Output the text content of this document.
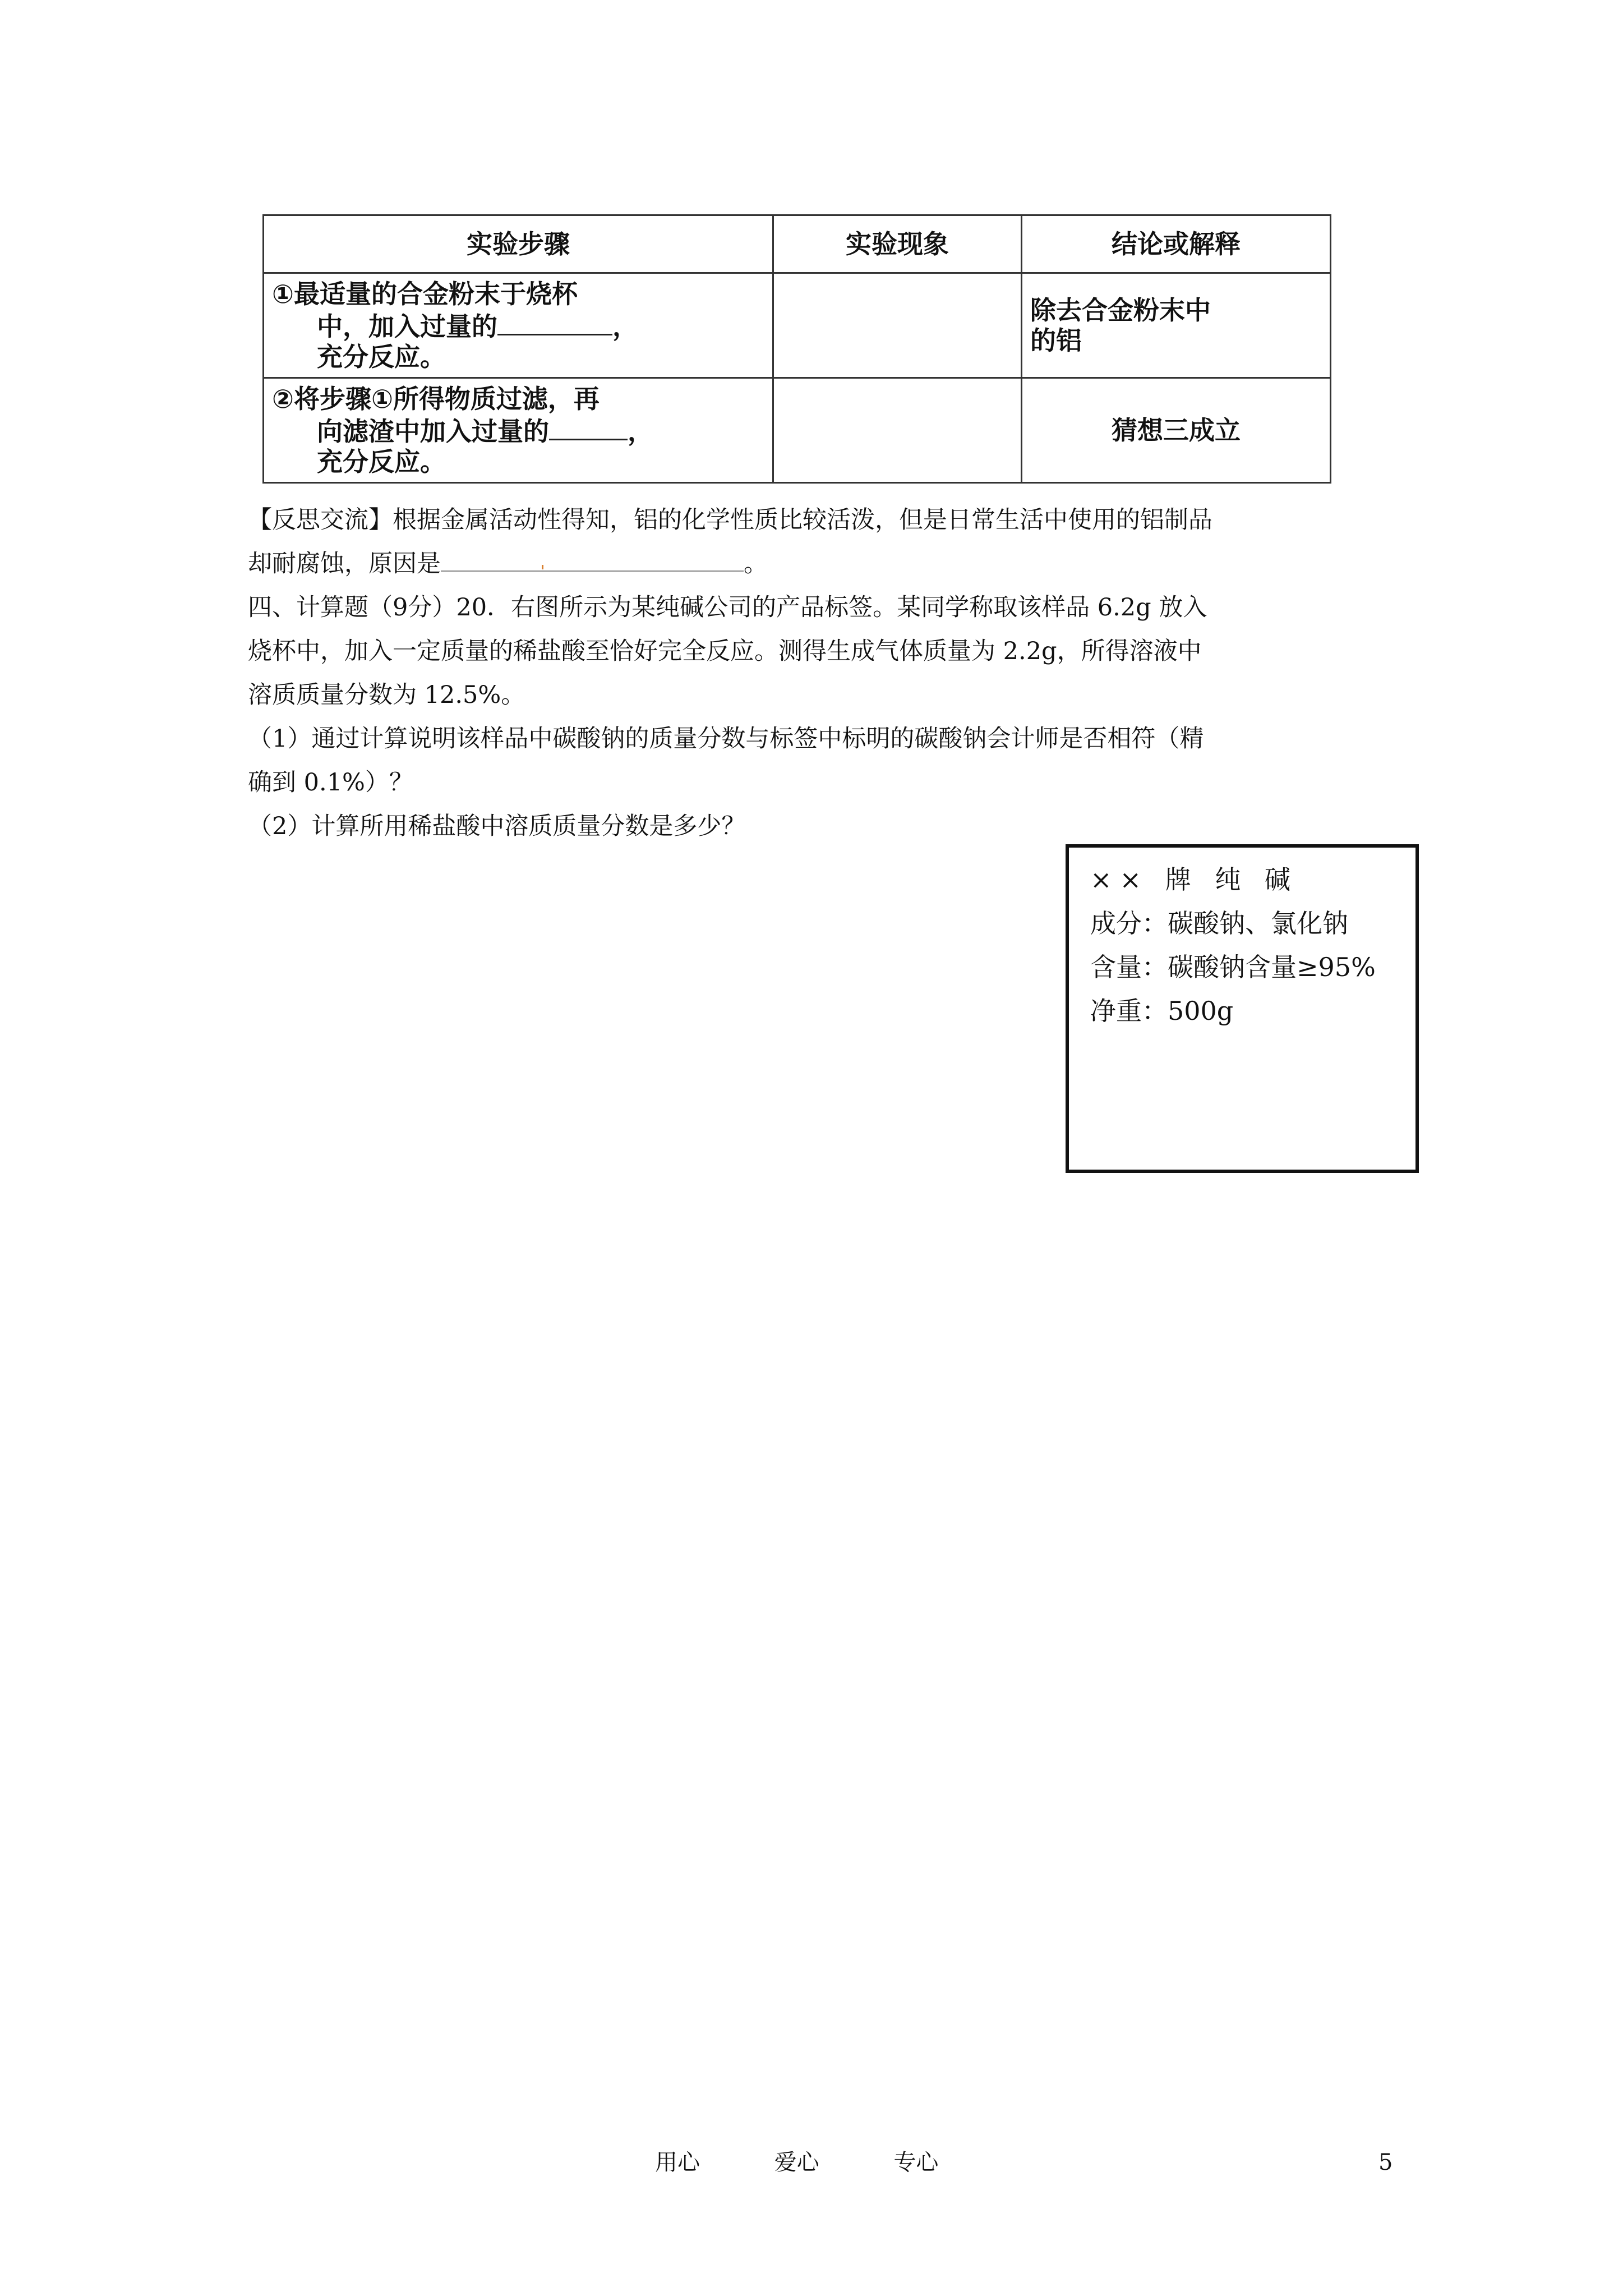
实验步骤	实验现象	结论或解释

①最适量的合金粉末于烧杯
中，加入过量的 ，
充分反应。		除去合金粉末中
的铝

②将步骤①所得物质过滤，再
向滤渣中加入过量的 ，
充分反应。		猜想三成立
【反思交流】根据金属活动性得知，铝的化学性质比较活泼，但是日常生活中使用的铝制品
却耐腐蚀，原因是	。
四、计算题（9分）20．右图所示为某纯碱公司的产品标签。某同学称取该样品 6.2g 放入
烧杯中，加入一定质量的稀盐酸至恰好完全反应。测得生成气体质量为 2.2g，所得溶液中
溶质质量分数为 12.5%。
（1）通过计算说明该样品中碳酸钠的质量分数与标签中标明的碳酸钠会计师是否相符（精
确到 0.1%）？
（2）计算所用稀盐酸中溶质质量分数是多少？
×× 牌 纯 碱
成分：碳酸钠、氯化钠
含量：碳酸钠含量≥95%
净重：500g
用心	爱心	专心	5
